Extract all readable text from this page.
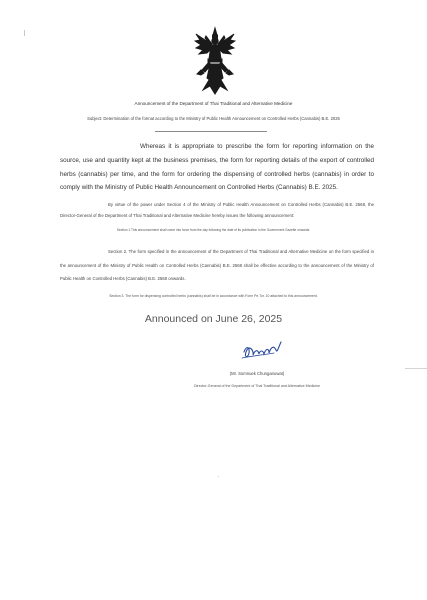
Announcement of the Department of Thai Traditional and Alternative Medicine
Subject: Determination of the format according to the Ministry of Public Health Announcement on Controlled Herbs (Cannabis) B.E. 2025
Whereas it is appropriate to prescribe the form for reporting information on the source, use and quantity kept at the business premises, the form for reporting details of the export of controlled herbs (cannabis) per time, and the form for ordering the dispensing of controlled herbs (cannabis) in order to comply with the Ministry of Public Health Announcement on Controlled Herbs (Cannabis) B.E. 2025.
By virtue of the power under Section 4 of the Ministry of Public Health Announcement on Controlled Herbs (Cannabis) B.E. 2568, the Director-General of the Department of Thai Traditional and Alternative Medicine hereby issues the following announcement:
Section 1 This announcement shall come into force from the day following the date of its publication in the Government Gazette onwards.
Section 2. The form specified in the announcement of the Department of Thai Traditional and Alternative Medicine on the form specified in the announcement of the Ministry of Public Health on Controlled Herbs (Cannabis) B.E. 2568 shall be effective according to the announcement of the Ministry of Public Health on Controlled Herbs (Cannabis) B.E. 2568 onwards.
Section 3. The form for dispensing controlled herbs (cannabis) shall be in accordance with Form Pe.Tor. 10 attached to this announcement.
Announced on June 26, 2025
(Mr. Somnuek Chunganuwat)
Director-General of the Department of Thai Traditional and Alternative Medicine
